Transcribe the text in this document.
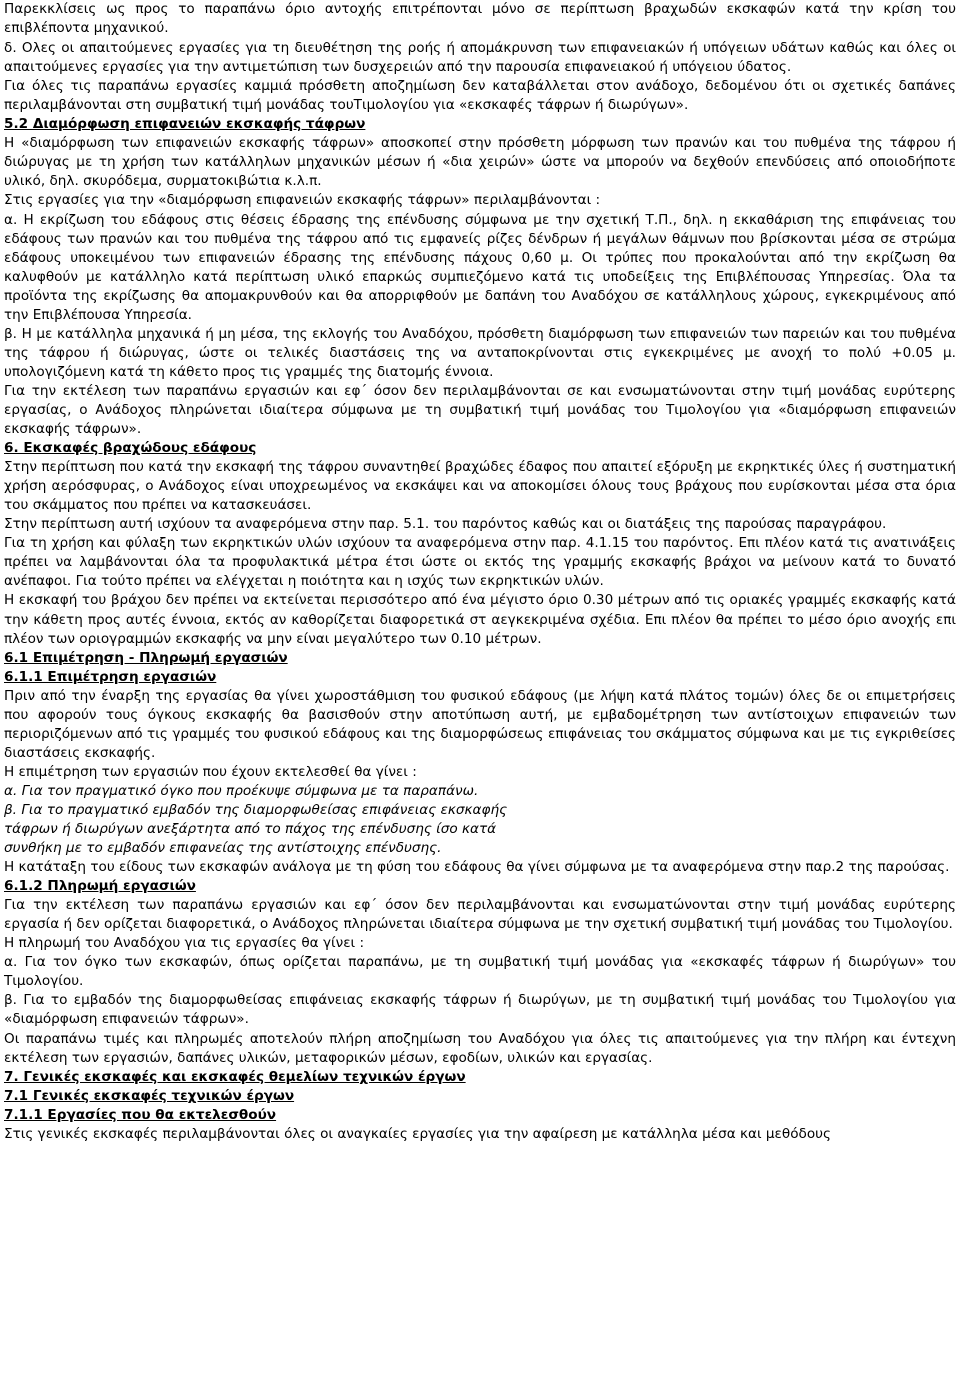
Παρεκκλίσεις ως προς το παραπάνω όριο αντοχής επιτρέπονται μόνο σε περίπτωση βραχωδών εκσκαφών κατά την κρίση του επιβλέποντα μηχανικού.

δ. Ολες οι απαιτούμενες εργασίες για τη διευθέτηση της ροής ή απομάκρυνση των επιφανειακών ή υπόγειων υδάτων καθώς και όλες οι απαιτούμενες εργασίες για την αντιμετώπιση των δυσχερειών από την παρουσία επιφανειακού ή υπόγειου ύδατος.

Για όλες τις παραπάνω εργασίες καμμιά πρόσθετη αποζημίωση δεν καταβάλλεται στον ανάδοχο, δεδομένου ότι οι σχετικές δαπάνες περιλαμβάνονται στη συμβατική τιμή μονάδας τουΤιμολογίου για «εκσκαφές τάφρων ή διωρύγων».

5.2 Διαμόρφωση επιφανειών εκσκαφής τάφρων

Η «διαμόρφωση των επιφανειών εκσκαφής τάφρων» αποσκοπεί στην πρόσθετη μόρφωση των πρανών και του πυθμένα της τάφρου ή διώρυγας με τη χρήση των κατάλληλων μηχανικών μέσων ή «δια χειρών» ώστε να μπορούν να δεχθούν επενδύσεις από οποιοδήποτε υλικό, δηλ. σκυρόδεμα, συρματοκιβώτια κ.λ.π.

Στις εργασίες για την «διαμόρφωση επιφανειών εκσκαφής τάφρων» περιλαμβάνονται :

α. Η εκρίζωση του εδάφους στις θέσεις έδρασης της επένδυσης σύμφωνα με την σχετική Τ.Π., δηλ. η εκκαθάριση της επιφάνειας του εδάφους των πρανών και του πυθμένα της τάφρου από τις εμφανείς ρίζες δένδρων ή μεγάλων θάμνων που βρίσκονται μέσα σε στρώμα εδάφους υποκειμένου των επιφανειών έδρασης της επένδυσης πάχους 0,60 μ. Οι τρύπες που προκαλούνται από την εκρίζωση θα καλυφθούν με κατάλληλο κατά περίπτωση υλικό επαρκώς συμπιεζόμενο κατά τις υποδείξεις της Επιβλέπουσας Υπηρεσίας. Όλα τα προϊόντα της εκρίζωσης θα απομακρυνθούν και θα απορριφθούν με δαπάνη του Αναδόχου σε κατάλληλους χώρους, εγκεκριμένους από την Επιβλέπουσα Υπηρεσία.

β. Η με κατάλληλα μηχανικά ή μη μέσα, της εκλογής του Αναδόχου, πρόσθετη διαμόρφωση των επιφανειών των παρειών και του πυθμένα της τάφρου ή διώρυγας, ώστε οι τελικές διαστάσεις της να ανταποκρίνονται στις εγκεκριμένες με ανοχή το πολύ +0.05 μ. υπολογιζόμενη κατά τη κάθετο προς τις γραμμές της διατομής έννοια.

Για την εκτέλεση των παραπάνω εργασιών και εφ΄ όσον δεν περιλαμβάνονται σε και ενσωματώνονται στην τιμή μονάδας ευρύτερης εργασίας, ο Ανάδοχος πληρώνεται ιδιαίτερα σύμφωνα με τη συμβατική τιμή μονάδας του Τιμολογίου για «διαμόρφωση επιφανειών εκσκαφής τάφρων».

6. Εκσκαφές βραχώδους εδάφους

Στην περίπτωση που κατά την εκσκαφή της τάφρου συναντηθεί βραχώδες έδαφος που απαιτεί εξόρυξη με εκρηκτικές ύλες ή συστηματική χρήση αερόσφυρας, ο Ανάδοχος είναι υποχρεωμένος να εκσκάψει και να αποκομίσει όλους τους βράχους που ευρίσκονται μέσα στα όρια του σκάμματος που πρέπει να κατασκευάσει.

Στην περίπτωση αυτή ισχύουν τα αναφερόμενα στην παρ. 5.1. του παρόντος καθώς και οι διατάξεις της παρούσας παραγράφου.

Για τη χρήση και φύλαξη των εκρηκτικών υλών ισχύουν τα αναφερόμενα στην παρ. 4.1.15 του παρόντος. Επι πλέον κατά τις ανατινάξεις πρέπει να λαμβάνονται όλα τα προφυλακτικά μέτρα έτσι ώστε οι εκτός της γραμμής εκσκαφής βράχοι να μείνουν κατά το δυνατό ανέπαφοι. Για τούτο πρέπει να ελέγχεται η ποιότητα και η ισχύς των εκρηκτικών υλών.

Η εκσκαφή του βράχου δεν πρέπει να εκτείνεται περισσότερο από ένα μέγιστο όριο 0.30 μέτρων από τις οριακές γραμμές εκσκαφής κατά την κάθετη προς αυτές έννοια, εκτός αν καθορίζεται διαφορετικά στ αεγκεκριμένα σχέδια. Επι πλέον θα πρέπει το μέσο όριο ανοχής επι πλέον των οριογραμμών εκσκαφής να μην είναι μεγαλύτερο των 0.10 μέτρων.

6.1 Επιμέτρηση - Πληρωμή εργασιών

6.1.1 Επιμέτρηση εργασιών

Πριν από την έναρξη της εργασίας θα γίνει χωροστάθμιση του φυσικού εδάφους (με λήψη κατά πλάτος τομών) όλες δε οι επιμετρήσεις που αφορούν τους όγκους εκσκαφής θα βασισθούν στην αποτύπωση αυτή, με εμβαδομέτρηση των αντίστοιχων επιφανειών των περιοριζόμενων από τις γραμμές του φυσικού εδάφους και της διαμορφώσεως επιφάνειας του σκάμματος σύμφωνα και με τις εγκριθείσες διαστάσεις εκσκαφής.

Η επιμέτρηση των εργασιών που έχουν εκτελεσθεί θα γίνει :

α. Για τον πραγματικό όγκο που προέκυψε σύμφωνα με τα παραπάνω.

β. Για το πραγματικό εμβαδόν της διαμορφωθείσας επιφάνειας εκσκαφής

τάφρων ή διωρύγων ανεξάρτητα από το πάχος της επένδυσης ίσο κατά

συνθήκη με το εμβαδόν επιφανείας της αντίστοιχης επένδυσης.

Η κατάταξη του είδους των εκσκαφών ανάλογα με τη φύση του εδάφους θα γίνει σύμφωνα με τα αναφερόμενα στην παρ.2 της παρούσας.

6.1.2 Πληρωμή εργασιών

Για την εκτέλεση των παραπάνω εργασιών και εφ΄ όσον δεν περιλαμβάνονται και ενσωματώνονται στην τιμή μονάδας ευρύτερης εργασία ή δεν ορίζεται διαφορετικά, ο Ανάδοχος πληρώνεται ιδιαίτερα σύμφωνα με την σχετική συμβατική τιμή μονάδας του Τιμολογίου.

Η πληρωμή του Αναδόχου για τις εργασίες θα γίνει :

α. Για τον όγκο των εκσκαφών, όπως ορίζεται παραπάνω, με τη συμβατική τιμή μονάδας για «εκσκαφές τάφρων ή διωρύγων» του Τιμολογίου.

β. Για το εμβαδόν της διαμορφωθείσας επιφάνειας εκσκαφής τάφρων ή διωρύγων, με τη συμβατική τιμή μονάδας του Τιμολογίου για «διαμόρφωση επιφανειών τάφρων».

Οι παραπάνω τιμές και πληρωμές αποτελούν πλήρη αποζημίωση του Αναδόχου για όλες τις απαιτούμενες για την πλήρη και έντεχνη εκτέλεση των εργασιών, δαπάνες υλικών, μεταφορικών μέσων, εφοδίων, υλικών και εργασίας.

7. Γενικές εκσκαφές και εκσκαφές θεμελίων τεχνικών έργων

7.1 Γενικές εκσκαφές τεχνικών έργων

7.1.1 Εργασίες που θα εκτελεσθούν

Στις γενικές εκσκαφές περιλαμβάνονται όλες οι αναγκαίες εργασίες για την αφαίρεση με κατάλληλα μέσα και μεθόδους
